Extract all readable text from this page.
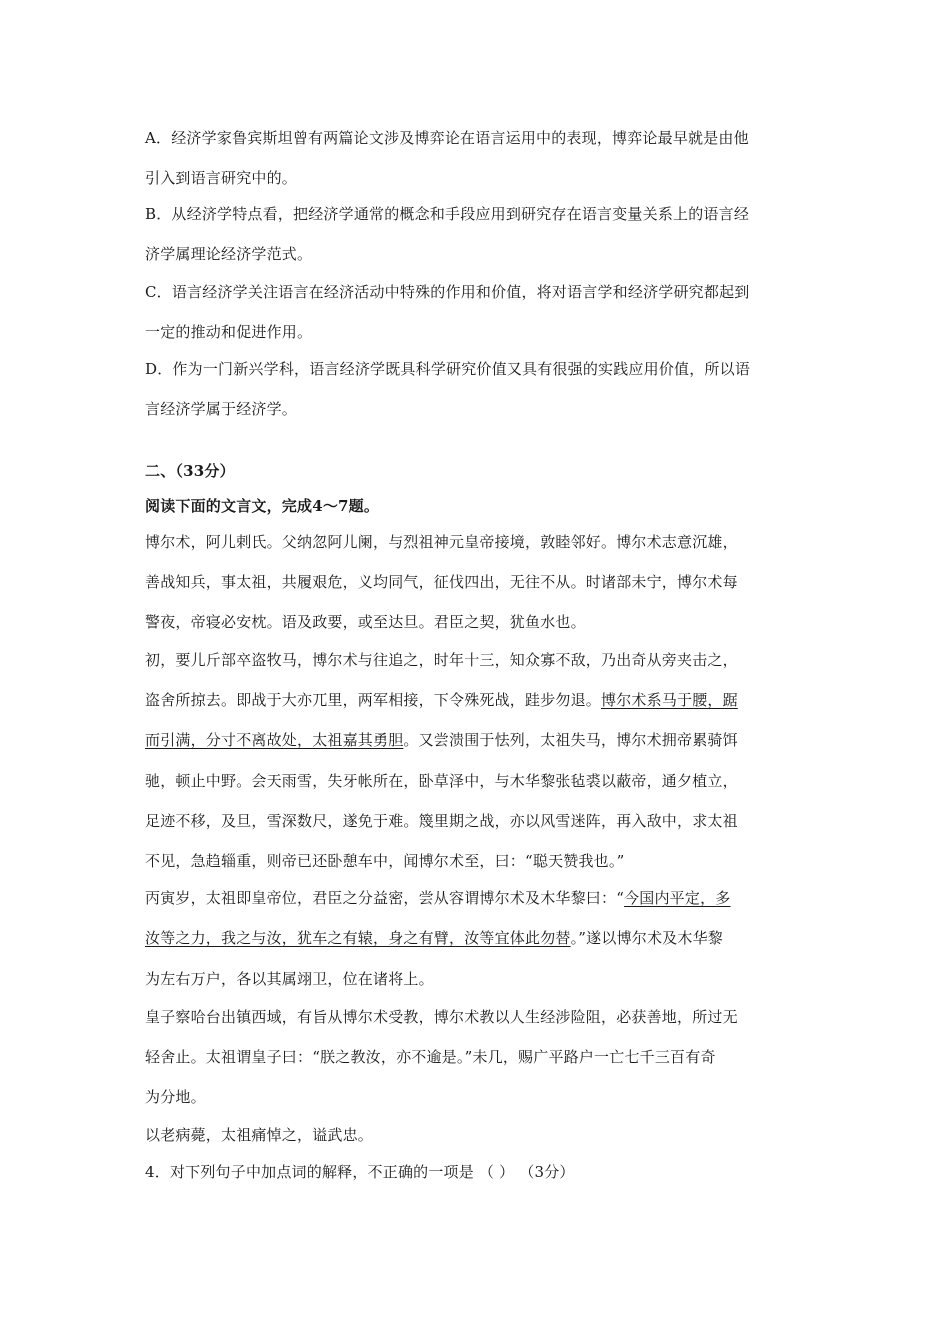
A．经济学家鲁宾斯坦曾有两篇论文涉及博弈论在语言运用中的表现，博弈论最早就是由他
引入到语言研究中的。
B．从经济学特点看，把经济学通常的概念和手段应用到研究存在语言变量关系上的语言经
济学属理论经济学范式。
C．语言经济学关注语言在经济活动中特殊的作用和价值，将对语言学和经济学研究都起到
一定的推动和促进作用。
D．作为一门新兴学科，语言经济学既具科学研究价值又具有很强的实践应用价值，所以语
言经济学属于经济学。
二、（33分）
阅读下面的文言文，完成4～7题。
博尔术，阿儿剌氏。父纳忽阿儿阑，与烈祖神元皇帝接境，敦睦邻好。博尔术志意沉雄，
善战知兵，事太祖，共履艰危，义均同气，征伐四出，无往不从。时诸部未宁，博尔术每
警夜，帝寝必安枕。语及政要，或至达旦。君臣之契，犹鱼水也。
初，要儿斤部卒盗牧马，博尔术与往追之，时年十三，知众寡不敌，乃出奇从旁夹击之，
盗舍所掠去。即战于大亦兀里，两军相接，下令殊死战，跬步勿退。博尔术系马于腰，踞
而引满，分寸不离故处，太祖嘉其勇胆。又尝溃围于怯列，太祖失马，博尔术拥帝累骑饵
驰，顿止中野。会天雨雪，失牙帐所在，卧草泽中，与木华黎张毡裘以蔽帝，通夕植立，
足迹不移，及旦，雪深数尺，遂免于难。篾里期之战，亦以风雪迷阵，再入敌中，求太祖
不见，急趋辎重，则帝已还卧憩车中，闻博尔术至，曰：“聪天赞我也。”
丙寅岁，太祖即皇帝位，君臣之分益密，尝从容谓博尔术及木华黎曰：“今国内平定，多
汝等之力，我之与汝，犹车之有辕，身之有臂，汝等宜体此勿替。”遂以博尔术及木华黎
为左右万户，各以其属翊卫，位在诸将上。
皇子察哈台出镇西域，有旨从博尔术受教，博尔术教以人生经涉险阻，必获善地，所过无
轻舍止。太祖谓皇子曰：“朕之教汝，亦不逾是。”未几，赐广平路户一亡七千三百有奇
为分地。
以老病薨，太祖痛悼之，谥武忠。
4．对下列句子中加点词的解释，不正确的一项是 （ ） （3分）
